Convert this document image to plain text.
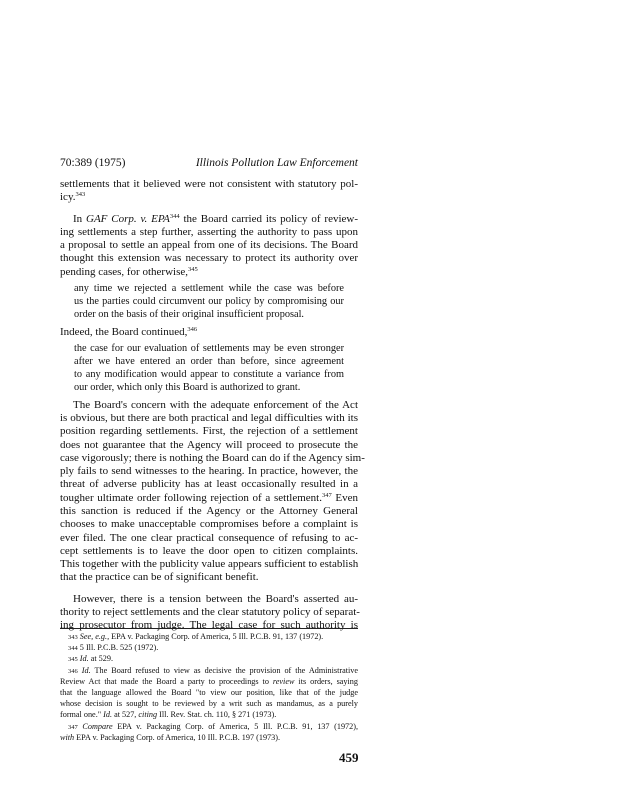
70:389 (1975)	Illinois Pollution Law Enforcement
settlements that it believed were not consistent with statutory pol-
icy.$^{343}$
In GAF Corp. v. EPA$^{344}$ the Board carried its policy of review-
ing settlements a step further, asserting the authority to pass upon
a proposal to settle an appeal from one of its decisions. The Board
thought this extension was necessary to protect its authority over
pending cases, for otherwise,$^{345}$
any time we rejected a settlement while the case was before
us the parties could circumvent our policy by compromising our
order on the basis of their original insufficient proposal.
Indeed, the Board continued,$^{346}$
the case for our evaluation of settlements may be even stronger
after we have entered an order than before, since agreement
to any modification would appear to constitute a variance from
our order, which only this Board is authorized to grant.
The Board's concern with the adequate enforcement of the Act
is obvious, but there are both practical and legal difficulties with its
position regarding settlements. First, the rejection of a settlement
does not guarantee that the Agency will proceed to prosecute the
case vigorously; there is nothing the Board can do if the Agency sim-
ply fails to send witnesses to the hearing. In practice, however, the
threat of adverse publicity has at least occasionally resulted in a
tougher ultimate order following rejection of a settlement.$^{347}$ Even
this sanction is reduced if the Agency or the Attorney General
chooses to make unacceptable compromises before a complaint is
ever filed. The one clear practical consequence of refusing to ac-
cept settlements is to leave the door open to citizen complaints.
This together with the publicity value appears sufficient to establish
that the practice can be of significant benefit.
However, there is a tension between the Board's asserted au-
thority to reject settlements and the clear statutory policy of separat-
ing prosecutor from judge. The legal case for such authority is
343 See, e.g., EPA v. Packaging Corp. of America, 5 Ill. P.C.B. 91, 137 (1972).
344 5 Ill. P.C.B. 525 (1972).
345 Id. at 529.
346 Id. The Board refused to view as decisive the provision of the Administrative
Review Act that made the Board a party to proceedings to review its orders, saying
that the language allowed the Board "to view our position, like that of the judge
whose decision is sought to be reviewed by a writ such as mandamus, as a purely
formal one." Id. at 527, citing Ill. Rev. Stat. ch. 110, § 271 (1973).
347 Compare EPA v. Packaging Corp. of America, 5 Ill. P.C.B. 91, 137 (1972),
with EPA v. Packaging Corp. of America, 10 Ill. P.C.B. 197 (1973).
459
